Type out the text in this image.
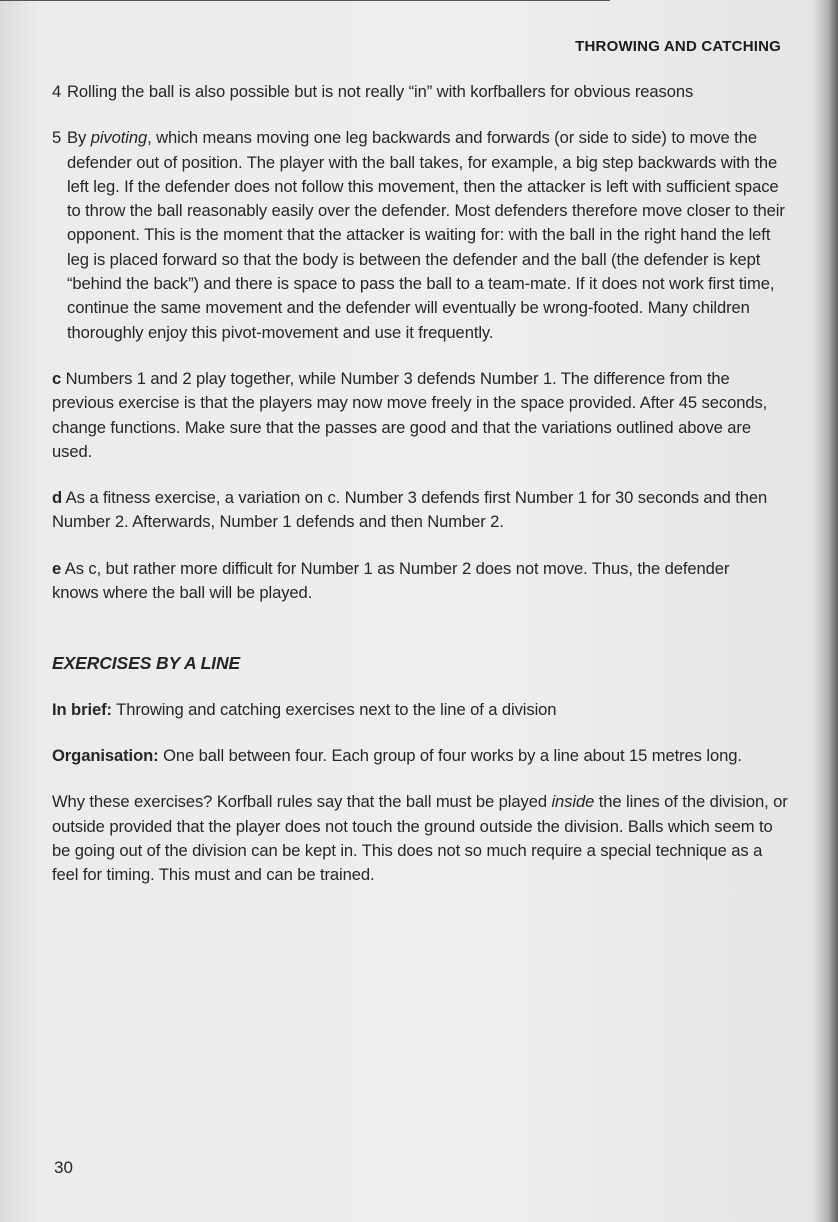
THROWING AND CATCHING
4 Rolling the ball is also possible but is not really “in” with korfballers for obvious reasons
5 By pivoting, which means moving one leg backwards and forwards (or side to side) to move the defender out of position. The player with the ball takes, for example, a big step backwards with the left leg. If the defender does not follow this movement, then the attacker is left with sufficient space to throw the ball reasonably easily over the defender. Most defenders therefore move closer to their opponent. This is the moment that the attacker is waiting for: with the ball in the right hand the left leg is placed forward so that the body is between the defender and the ball (the defender is kept “behind the back”) and there is space to pass the ball to a team-mate. If it does not work first time, continue the same movement and the defender will eventually be wrong-footed. Many children thoroughly enjoy this pivot-movement and use it frequently.

c Numbers 1 and 2 play together, while Number 3 defends Number 1. The difference from the previous exercise is that the players may now move freely in the space provided. After 45 seconds, change functions. Make sure that the passes are good and that the variations outlined above are used.

d As a fitness exercise, a variation on c. Number 3 defends first Number 1 for 30 seconds and then Number 2. Afterwards, Number 1 defends and then Number 2.

e As c, but rather more difficult for Number 1 as Number 2 does not move. Thus, the defender knows where the ball will be played.

EXERCISES BY A LINE

In brief: Throwing and catching exercises next to the line of a division

Organisation: One ball between four. Each group of four works by a line about 15 metres long.

Why these exercises? Korfball rules say that the ball must be played inside the lines of the division, or outside provided that the player does not touch the ground outside the division. Balls which seem to be going out of the division can be kept in. This does not so much require a special technique as a feel for timing. This must and can be trained.

30
